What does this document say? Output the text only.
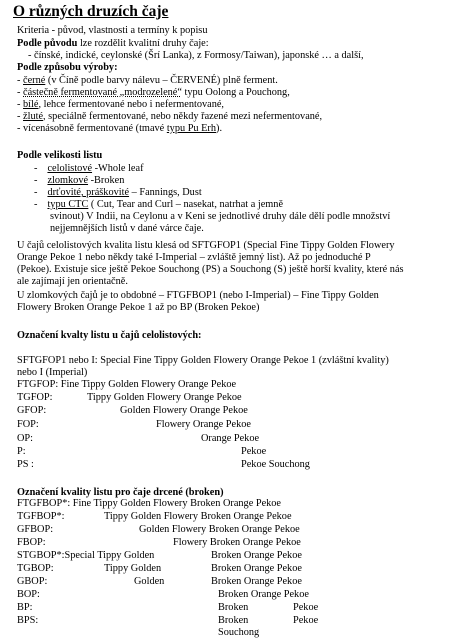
O různých druzích čaje
Kriteria - původ, vlastnosti a termíny k popisu
Podle původu lze rozdělit kvalitní druhy čaje:
- čínské, indické, ceylonské (Šrí Lanka), z Formosy/Taiwan), japonské … a další,
Podle způsobu výroby:
- černé (v Číně podle barvy nálevu – ČERVENÉ) plně ferment.
- částečně fermentované „modrozelené“ typu Oolong a Pouchong,
- bílé, lehce fermentované nebo i nefermentované,
- žluté, speciálně fermentované, nebo někdy řazené mezi nefermentované,
- vícenásobně fermentované (tmavé typu Pu Erh).
Podle velikosti listu
- celolistové -Whole leaf
- zlomkové -Broken
- drťovité, práškovité – Fannings, Dust
- typu CTC ( Cut, Tear and Curl – nasekat, natrhat a jemně
svinout) V Indii, na Ceylonu a v Keni se jednotlivé druhy dále dělí podle množství
nejjemnějších listů v dané várce čaje.
U čajů celolistových kvalita listu klesá od SFTGFOP1 (Special Fine Tippy Golden Flowery
Orange Pekoe 1 nebo někdy také I-Imperial – zvláště jemný list). Až po jednoduché P
(Pekoe). Existuje sice ještě Pekoe Souchong (PS) a Souchong (S) ještě horší kvality, které nás
ale zajímají jen orientačně.
U zlomkových čajů je to obdobné – FTGFBOP1 (nebo I-Imperial) – Fine Tippy Golden
Flowery Broken Orange Pekoe 1 až po BP (Broken Pekoe)
Označení kvalty listu u čajů celolistových:
SFTGFOP1 nebo I: Special Fine Tippy Golden Flowery Orange Pekoe 1 (zvláštní kvality)
nebo I (Imperial)
FTGFOP: Fine Tippy Golden Flowery Orange Pekoe
TGFOP:	Tippy Golden Flowery Orange Pekoe
GFOP:	Golden Flowery Orange Pekoe
FOP:	Flowery Orange Pekoe
OP:	Orange Pekoe
P:	Pekoe
PS :	Pekoe Souchong
Označení kvality listu pro čaje drcené (broken)
FTGFBOP*: Fine Tippy Golden Flowery Broken Orange Pekoe
TGFBOP*:	Tippy Golden Flowery Broken Orange Pekoe
GFBOP:	Golden Flowery Broken Orange Pekoe
FBOP:	Flowery Broken Orange Pekoe
STGBOP*:Special Tippy Golden	Broken Orange Pekoe
TGBOP:	Tippy Golden	Broken Orange Pekoe
GBOP:	Golden	Broken Orange Pekoe
BOP:	Broken Orange Pekoe
BP:	Broken	Pekoe
BPS:	Broken	Pekoe
Souchong
